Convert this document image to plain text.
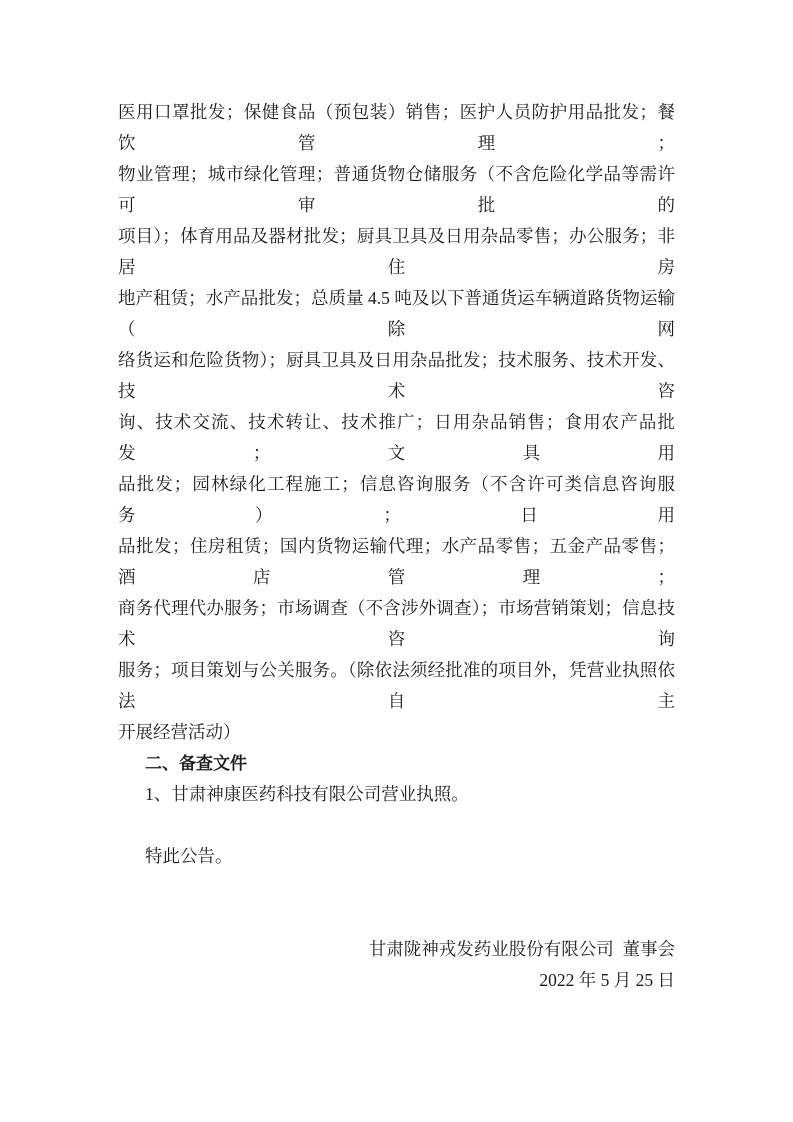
医用口罩批发；保健食品（预包装）销售；医护人员防护用品批发；餐饮管理；
物业管理；城市绿化管理；普通货物仓储服务（不含危险化学品等需许可审批的
项目）；体育用品及器材批发；厨具卫具及日用杂品零售；办公服务；非居住房
地产租赁；水产品批发；总质量 4.5 吨及以下普通货运车辆道路货物运输（除网
络货运和危险货物）；厨具卫具及日用杂品批发；技术服务、技术开发、技术咨
询、技术交流、技术转让、技术推广；日用杂品销售；食用农产品批发；文具用
品批发；园林绿化工程施工；信息咨询服务（不含许可类信息咨询服务）；日用
品批发；住房租赁；国内货物运输代理；水产品零售；五金产品零售；酒店管理；
商务代理代办服务；市场调查（不含涉外调查）；市场营销策划；信息技术咨询
服务；项目策划与公关服务。（除依法须经批准的项目外，凭营业执照依法自主
开展经营活动）
二、备查文件
1、甘肃神康医药科技有限公司营业执照。
特此公告。
甘肃陇神戎发药业股份有限公司  董事会
2022 年 5 月 25 日
